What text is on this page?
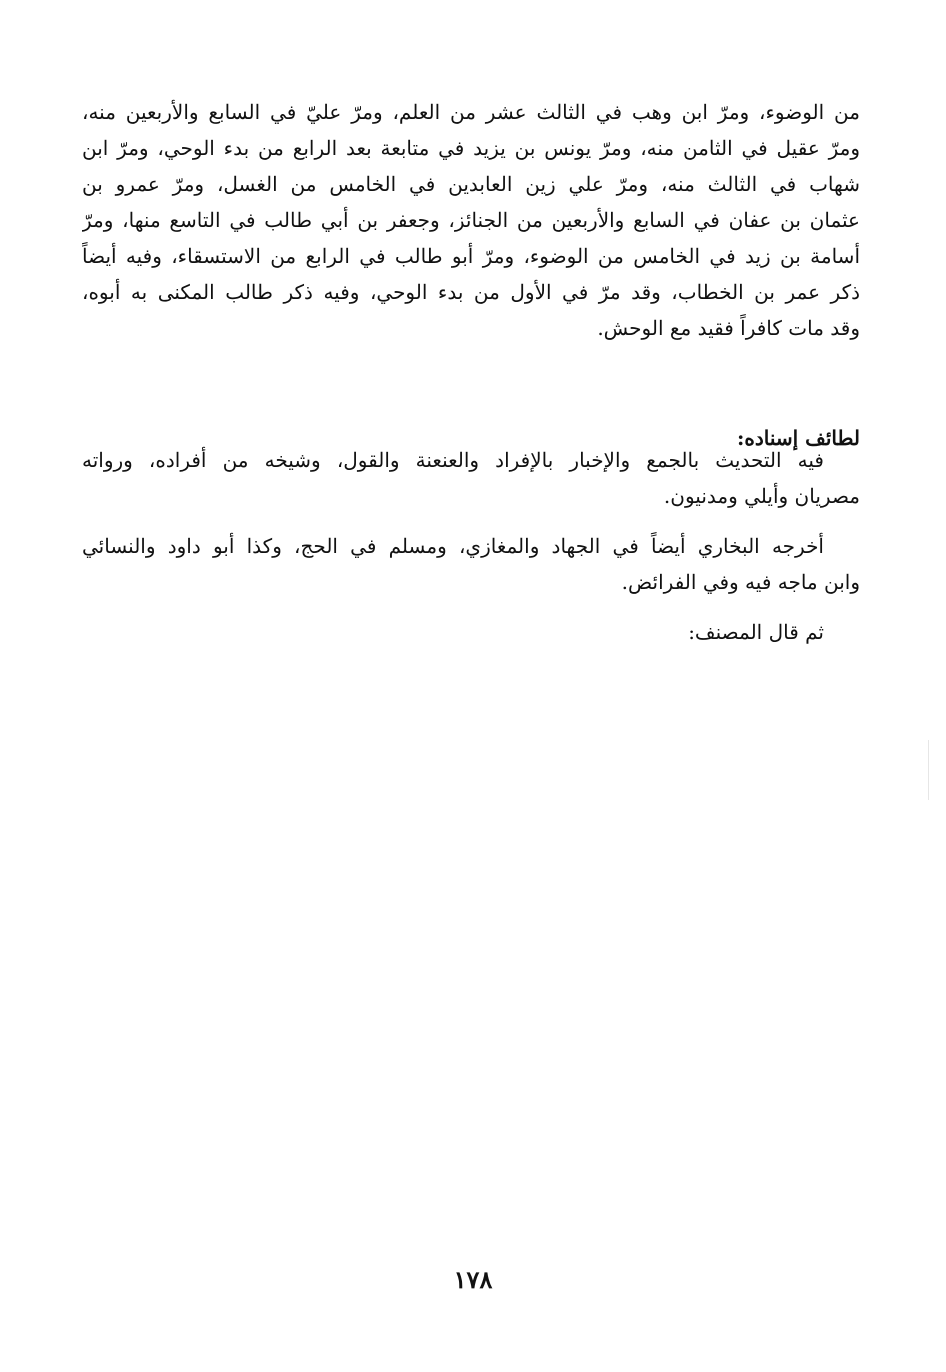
من الوضوء، ومرّ ابن وهب في الثالث عشر من العلم، ومرّ عليّ في السابع والأربعين منه،
ومرّ عقيل في الثامن منه، ومرّ يونس بن يزيد في متابعة بعد الرابع من بدء الوحي، ومرّ ابن
شهاب في الثالث منه، ومرّ علي زين العابدين في الخامس من الغسل، ومرّ عمرو بن
عثمان بن عفان في السابع والأربعين من الجنائز، وجعفر بن أبي طالب في التاسع منها، ومرّ
أسامة بن زيد في الخامس من الوضوء، ومرّ أبو طالب في الرابع من الاستسقاء، وفيه أيضاً
ذكر عمر بن الخطاب، وقد مرّ في الأول من بدء الوحي، وفيه ذكر طالب المكنى به أبوه،
وقد مات كافراً فقيد مع الوحش.
لطائف إسناده:
فيه التحديث بالجمع والإخبار بالإفراد والعنعنة والقول، وشيخه من أفراده، ورواته
مصريان وأيلي ومدنيون.
أخرجه البخاري أيضاً في الجهاد والمغازي، ومسلم في الحج، وكذا أبو داود والنسائي
وابن ماجه فيه وفي الفرائض.
ثم قال المصنف:
١٧٨
